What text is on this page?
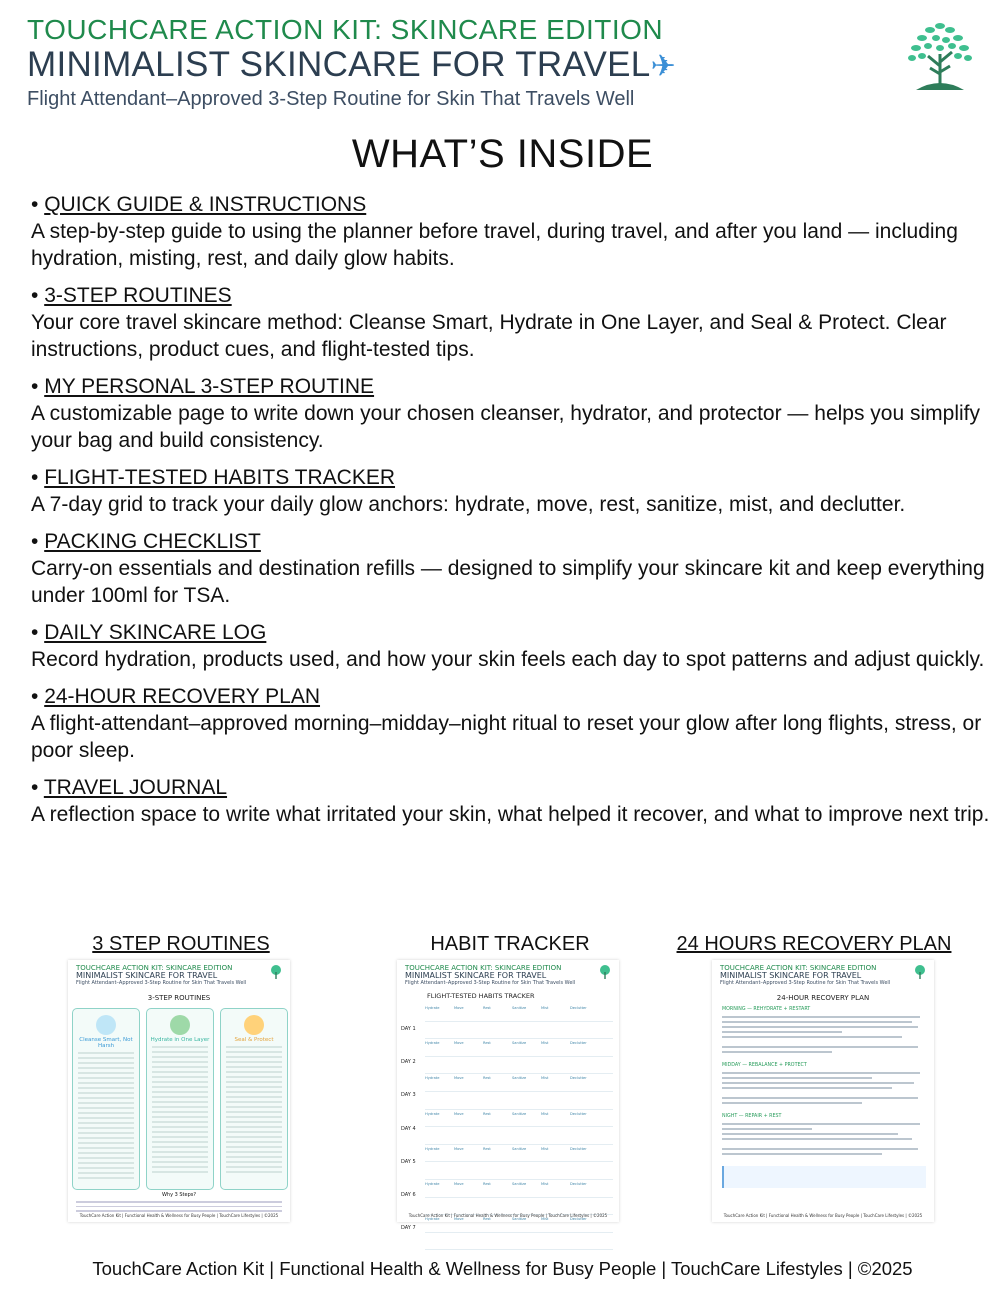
TOUCHCARE ACTION KIT: SKINCARE EDITION
MINIMALIST SKINCARE FOR TRAVEL✈
Flight Attendant–Approved 3-Step Routine for Skin That Travels Well
WHAT’S INSIDE
• QUICK GUIDE & INSTRUCTIONS
A step-by-step guide to using the planner before travel, during travel, and after you land — including hydration, misting, rest, and daily glow habits.
• 3-STEP ROUTINES
Your core travel skincare method: Cleanse Smart, Hydrate in One Layer, and Seal & Protect. Clear instructions, product cues, and flight-tested tips.
• MY PERSONAL 3-STEP ROUTINE
A customizable page to write down your chosen cleanser, hydrator, and protector — helps you simplify your bag and build consistency.
• FLIGHT-TESTED HABITS TRACKER
A 7-day grid to track your daily glow anchors: hydrate, move, rest, sanitize, mist, and declutter.
• PACKING CHECKLIST
Carry-on essentials and destination refills — designed to simplify your skincare kit and keep everything under 100ml for TSA.
• DAILY SKINCARE LOG
Record hydration, products used, and how your skin feels each day to spot patterns and adjust quickly.
• 24-HOUR RECOVERY PLAN
A flight-attendant–approved morning–midday–night ritual to reset your glow after long flights, stress, or poor sleep.
• TRAVEL JOURNAL
A reflection space to write what irritated your skin, what helped it recover, and what to improve next trip.
3 STEP ROUTINES	HABIT TRACKER	24 HOURS RECOVERY PLAN
TOUCHCARE ACTION KIT: SKINCARE EDITION
MINIMALIST SKINCARE FOR TRAVEL
Flight Attendant–Approved 3-Step Routine for Skin That Travels Well
3-STEP ROUTINES
Cleanse Smart, Not Harsh
Hydrate in One Layer	Seal & Protect
Why 3 Steps?
TouchCare Action Kit | Functional Health & Wellness for Busy People | TouchCare Lifestyles | ©2025
TOUCHCARE ACTION KIT: SKINCARE EDITION
MINIMALIST SKINCARE FOR TRAVEL
Flight Attendant–Approved 3-Step Routine for Skin That Travels Well
FLIGHT-TESTED HABITS TRACKER
DAY 1
Hydrate	Move	Rest	Sanitize	Mist	Declutter
DAY 2
Hydrate	Move	Rest	Sanitize	Mist	Declutter
DAY 3
Hydrate	Move	Rest	Sanitize	Mist	Declutter
DAY 4
Hydrate	Move	Rest	Sanitize	Mist	Declutter
DAY 5
Hydrate	Move	Rest	Sanitize	Mist	Declutter
DAY 6
Hydrate	Move	Rest	Sanitize	Mist	Declutter
DAY 7
Hydrate	Move	Rest	Sanitize	Mist	Declutter
TouchCare Action Kit | Functional Health & Wellness for Busy People | TouchCare Lifestyles | ©2025
TOUCHCARE ACTION KIT: SKINCARE EDITION
MINIMALIST SKINCARE FOR TRAVEL
Flight Attendant–Approved 3-Step Routine for Skin That Travels Well
24-HOUR RECOVERY PLAN
MORNING — REHYDRATE + RESTART
MIDDAY — REBALANCE + PROTECT
NIGHT — REPAIR + REST
TouchCare Action Kit | Functional Health & Wellness for Busy People | TouchCare Lifestyles | ©2025
TouchCare Action Kit | Functional Health & Wellness for Busy People | TouchCare Lifestyles | ©2025
